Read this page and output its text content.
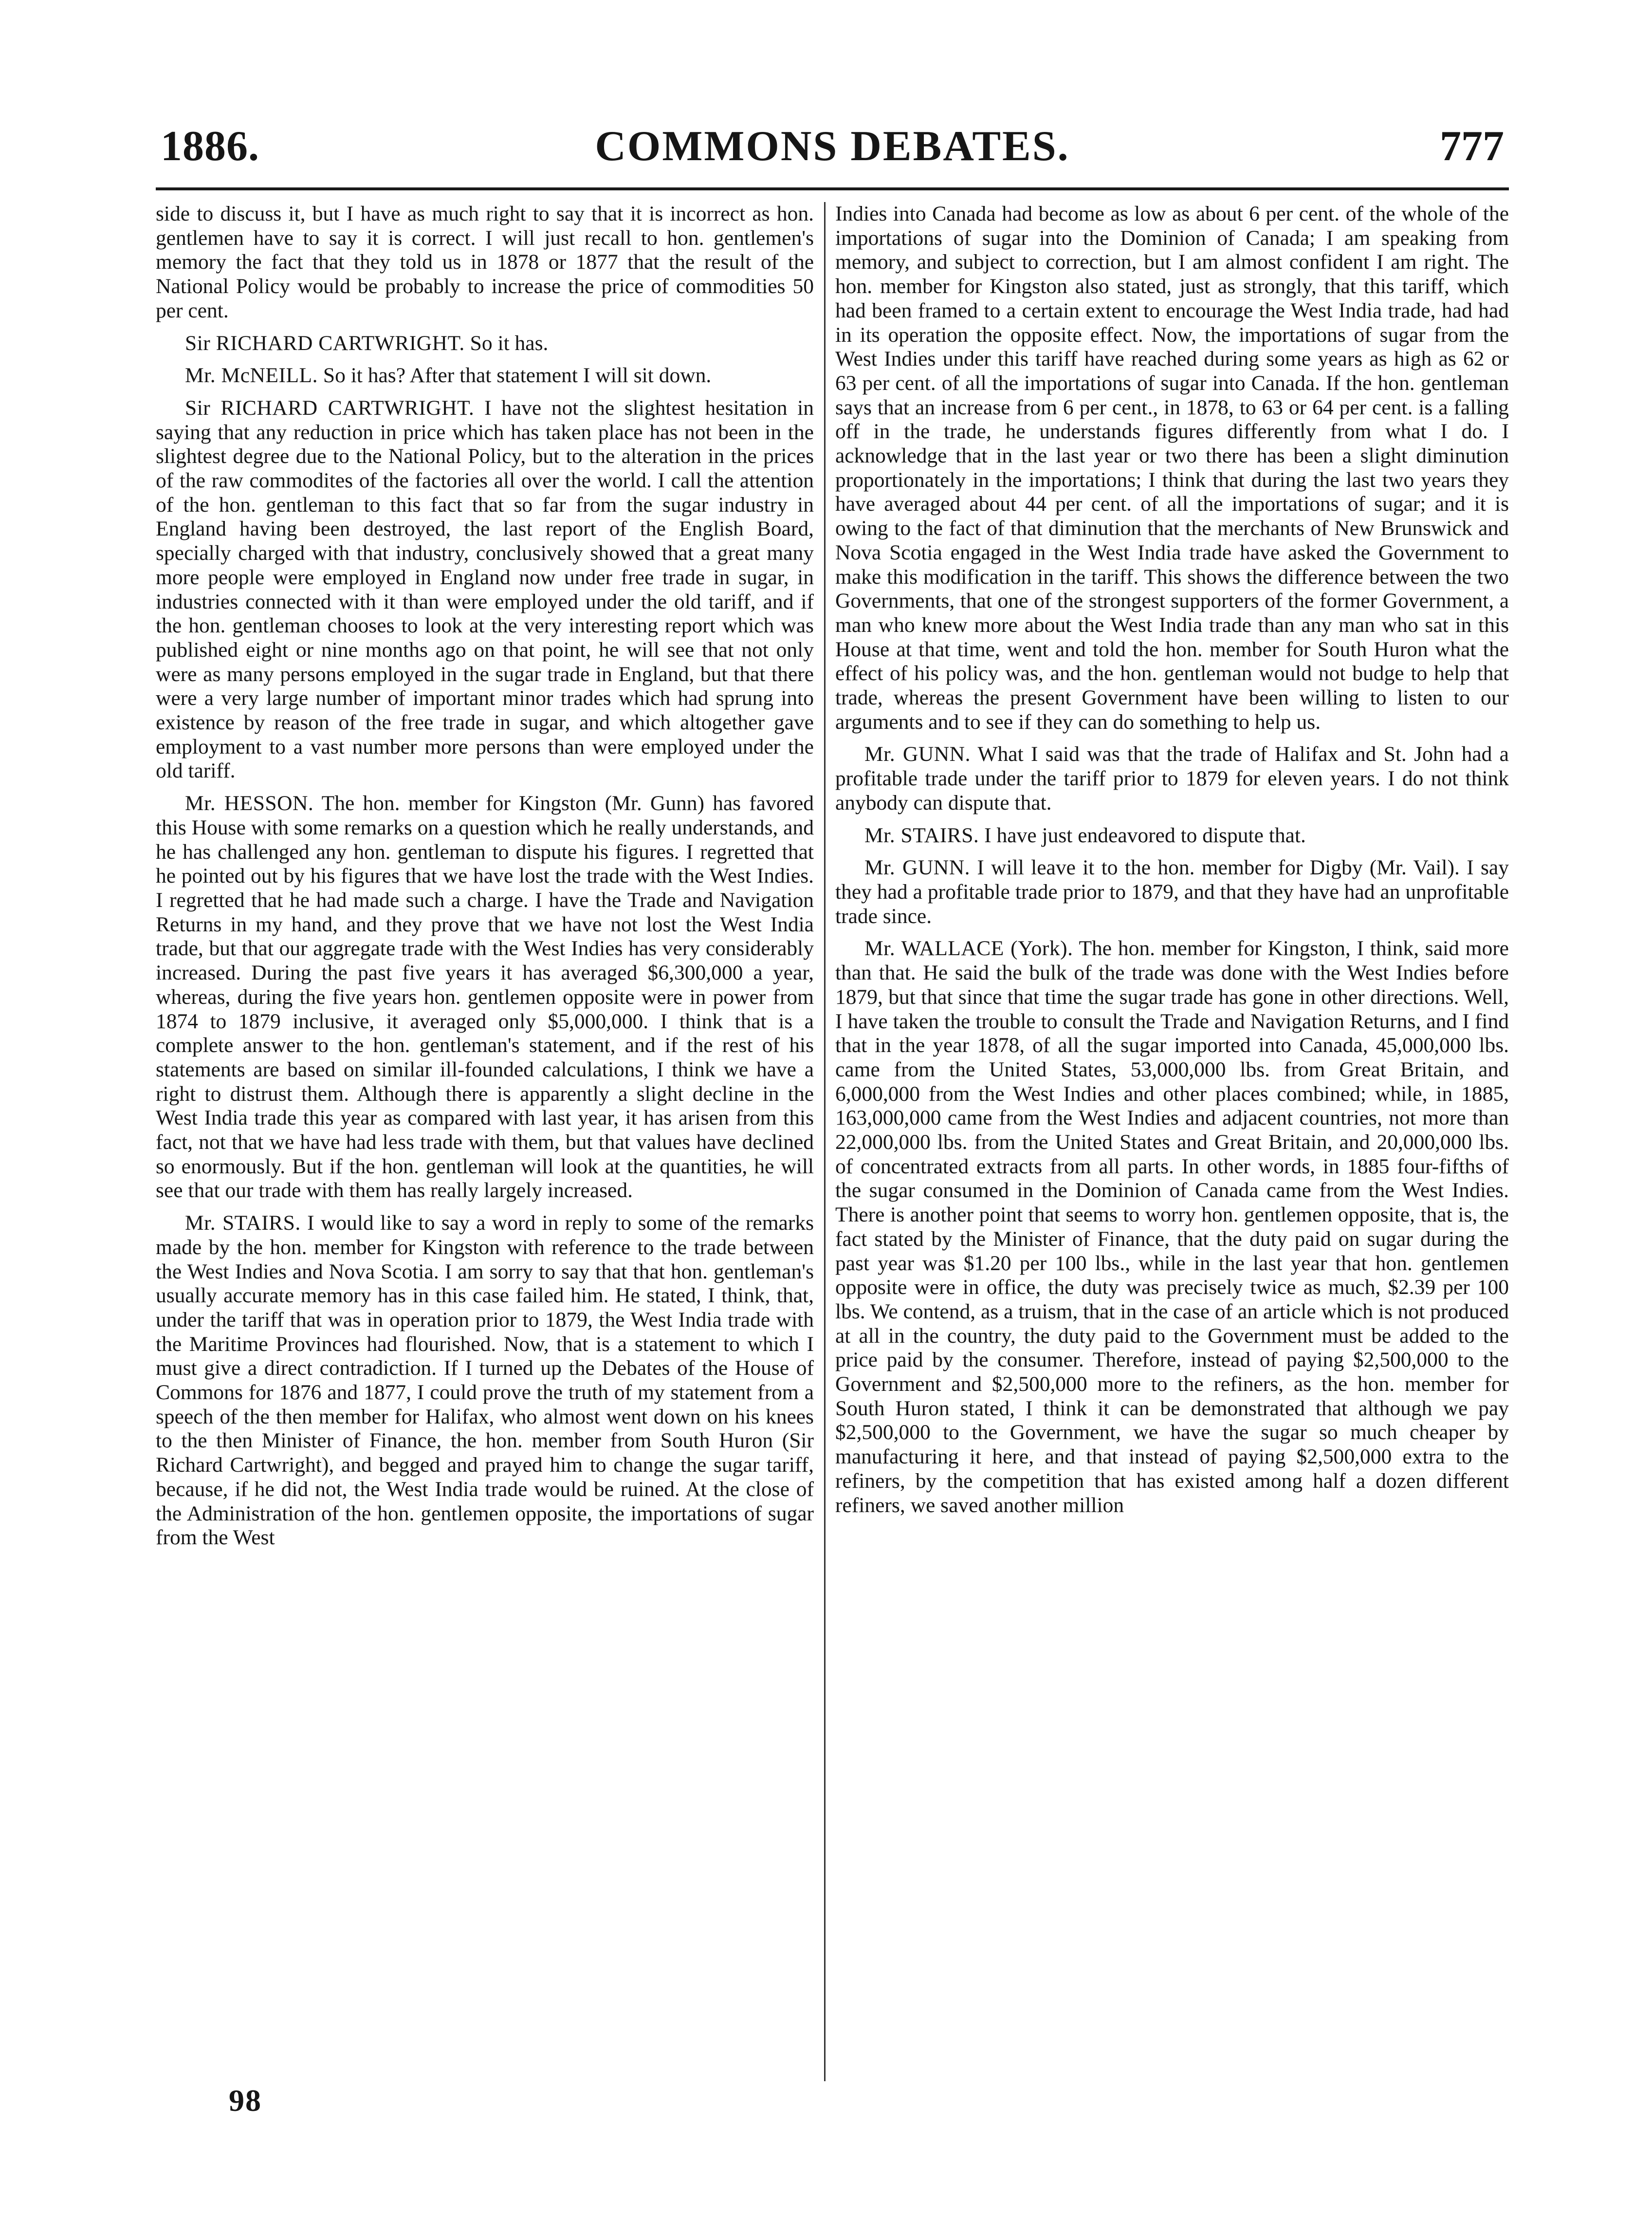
1886.	COMMONS DEBATES.	777

side to discuss it, but I have as much right to say that it is incorrect as hon. gentlemen have to say it is correct. I will just recall to hon. gentlemen's memory the fact that they told us in 1878 or 1877 that the result of the National Policy would be probably to increase the price of commodities 50 per cent.

Sir RICHARD CARTWRIGHT. So it has.

Mr. McNEILL. So it has? After that statement I will sit down.

Sir RICHARD CARTWRIGHT. I have not the slightest hesitation in saying that any reduction in price which has taken place has not been in the slightest degree due to the National Policy, but to the alteration in the prices of the raw commodites of the factories all over the world. I call the attention of the hon. gentleman to this fact that so far from the sugar industry in England having been destroyed, the last report of the English Board, specially charged with that industry, conclusively showed that a great many more people were employed in England now under free trade in sugar, in industries connected with it than were employed under the old tariff, and if the hon. gentleman chooses to look at the very interesting report which was published eight or nine months ago on that point, he will see that not only were as many persons employed in the sugar trade in England, but that there were a very large number of important minor trades which had sprung into existence by reason of the free trade in sugar, and which altogether gave employment to a vast number more persons than were employed under the old tariff.

Mr. HESSON. The hon. member for Kingston (Mr. Gunn) has favored this House with some remarks on a question which he really understands, and he has challenged any hon. gentleman to dispute his figures. I regretted that he pointed out by his figures that we have lost the trade with the West Indies. I regretted that he had made such a charge. I have the Trade and Navigation Returns in my hand, and they prove that we have not lost the West India trade, but that our aggregate trade with the West Indies has very considerably increased. During the past five years it has averaged $6,300,000 a year, whereas, during the five years hon. gentlemen opposite were in power from 1874 to 1879 inclusive, it averaged only $5,000,000. I think that is a complete answer to the hon. gentleman's statement, and if the rest of his statements are based on similar ill-founded calculations, I think we have a right to distrust them. Although there is apparently a slight decline in the West India trade this year as compared with last year, it has arisen from this fact, not that we have had less trade with them, but that values have declined so enormously. But if the hon. gentleman will look at the quantities, he will see that our trade with them has really largely increased.

Mr. STAIRS. I would like to say a word in reply to some of the remarks made by the hon. member for Kingston with reference to the trade between the West Indies and Nova Scotia. I am sorry to say that that hon. gentleman's usually accurate memory has in this case failed him. He stated, I think, that, under the tariff that was in operation prior to 1879, the West India trade with the Maritime Provinces had flourished. Now, that is a statement to which I must give a direct contradiction. If I turned up the Debates of the House of Commons for 1876 and 1877, I could prove the truth of my statement from a speech of the then member for Halifax, who almost went down on his knees to the then Minister of Finance, the hon. member from South Huron (Sir Richard Cartwright), and begged and prayed him to change the sugar tariff, because, if he did not, the West India trade would be ruined. At the close of the Administration of the hon. gentlemen opposite, the importations of sugar from the West

Indies into Canada had become as low as about 6 per cent. of the whole of the importations of sugar into the Dominion of Canada; I am speaking from memory, and subject to correction, but I am almost confident I am right. The hon. member for Kingston also stated, just as strongly, that this tariff, which had been framed to a certain extent to encourage the West India trade, had had in its operation the opposite effect. Now, the importations of sugar from the West Indies under this tariff have reached during some years as high as 62 or 63 per cent. of all the importations of sugar into Canada. If the hon. gentleman says that an increase from 6 per cent., in 1878, to 63 or 64 per cent. is a falling off in the trade, he understands figures differently from what I do. I acknowledge that in the last year or two there has been a slight diminution proportionately in the importations; I think that during the last two years they have averaged about 44 per cent. of all the importations of sugar; and it is owing to the fact of that diminution that the merchants of New Brunswick and Nova Scotia engaged in the West India trade have asked the Government to make this modification in the tariff. This shows the difference between the two Governments, that one of the strongest supporters of the former Government, a man who knew more about the West India trade than any man who sat in this House at that time, went and told the hon. member for South Huron what the effect of his policy was, and the hon. gentleman would not budge to help that trade, whereas the present Government have been willing to listen to our arguments and to see if they can do something to help us.

Mr. GUNN. What I said was that the trade of Halifax and St. John had a profitable trade under the tariff prior to 1879 for eleven years. I do not think anybody can dispute that.

Mr. STAIRS. I have just endeavored to dispute that.

Mr. GUNN. I will leave it to the hon. member for Digby (Mr. Vail). I say they had a profitable trade prior to 1879, and that they have had an unprofitable trade since.

Mr. WALLACE (York). The hon. member for Kingston, I think, said more than that. He said the bulk of the trade was done with the West Indies before 1879, but that since that time the sugar trade has gone in other directions. Well, I have taken the trouble to consult the Trade and Navigation Returns, and I find that in the year 1878, of all the sugar imported into Canada, 45,000,000 lbs. came from the United States, 53,000,000 lbs. from Great Britain, and 6,000,000 from the West Indies and other places combined; while, in 1885, 163,000,000 came from the West Indies and adjacent countries, not more than 22,000,000 lbs. from the United States and Great Britain, and 20,000,000 lbs. of concentrated extracts from all parts. In other words, in 1885 four-fifths of the sugar consumed in the Dominion of Canada came from the West Indies. There is another point that seems to worry hon. gentlemen opposite, that is, the fact stated by the Minister of Finance, that the duty paid on sugar during the past year was $1.20 per 100 lbs., while in the last year that hon. gentlemen opposite were in office, the duty was precisely twice as much, $2.39 per 100 lbs. We contend, as a truism, that in the case of an article which is not produced at all in the country, the duty paid to the Government must be added to the price paid by the consumer. Therefore, instead of paying $2,500,000 to the Government and $2,500,000 more to the refiners, as the hon. member for South Huron stated, I think it can be demonstrated that although we pay $2,500,000 to the Government, we have the sugar so much cheaper by manufacturing it here, and that instead of paying $2,500,000 extra to the refiners, by the competition that has existed among half a dozen different refiners, we saved another million

98
